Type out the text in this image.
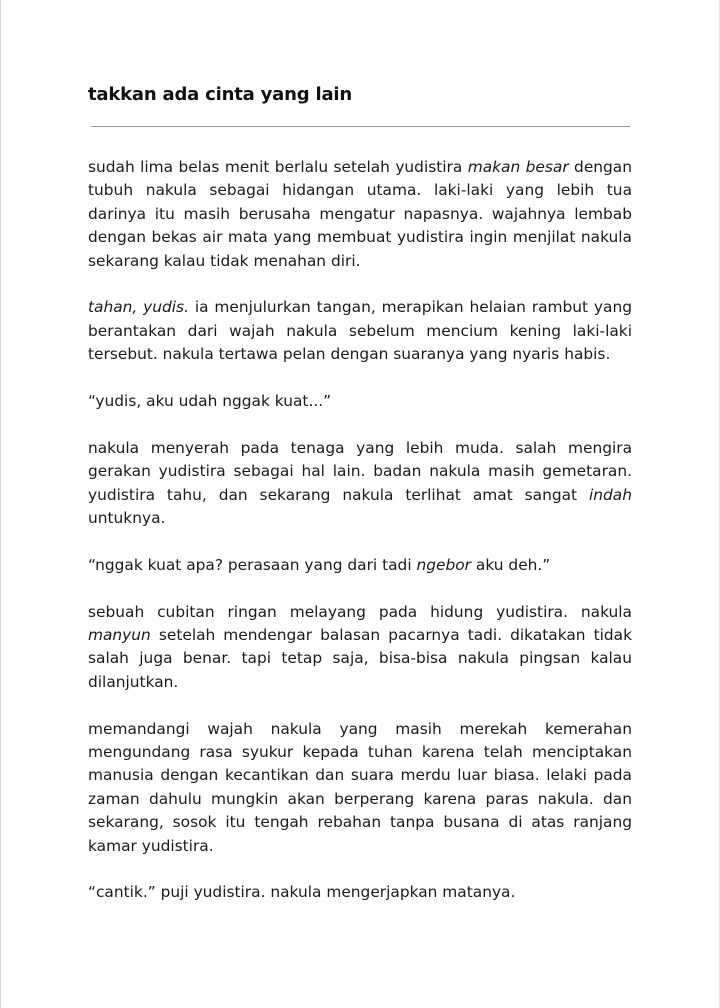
takkan ada cinta yang lain

sudah lima belas menit berlalu setelah yudistira makan besar dengan tubuh nakula sebagai hidangan utama. laki-laki yang lebih tua darinya itu masih berusaha mengatur napasnya. wajahnya lembab dengan bekas air mata yang membuat yudistira ingin menjilat nakula sekarang kalau tidak menahan diri.

tahan, yudis. ia menjulurkan tangan, merapikan helaian rambut yang berantakan dari wajah nakula sebelum mencium kening laki-laki tersebut. nakula tertawa pelan dengan suaranya yang nyaris habis.

“yudis, aku udah nggak kuat...”

nakula menyerah pada tenaga yang lebih muda. salah mengira gerakan yudistira sebagai hal lain. badan nakula masih gemetaran. yudistira tahu, dan sekarang nakula terlihat amat sangat indah untuknya.

“nggak kuat apa? perasaan yang dari tadi ngebor aku deh.”

sebuah cubitan ringan melayang pada hidung yudistira. nakula manyun setelah mendengar balasan pacarnya tadi. dikatakan tidak salah juga benar. tapi tetap saja, bisa-bisa nakula pingsan kalau dilanjutkan.

memandangi wajah nakula yang masih merekah kemerahan mengundang rasa syukur kepada tuhan karena telah menciptakan manusia dengan kecantikan dan suara merdu luar biasa. lelaki pada zaman dahulu mungkin akan berperang karena paras nakula. dan sekarang, sosok itu tengah rebahan tanpa busana di atas ranjang kamar yudistira.

“cantik.” puji yudistira. nakula mengerjapkan matanya.
